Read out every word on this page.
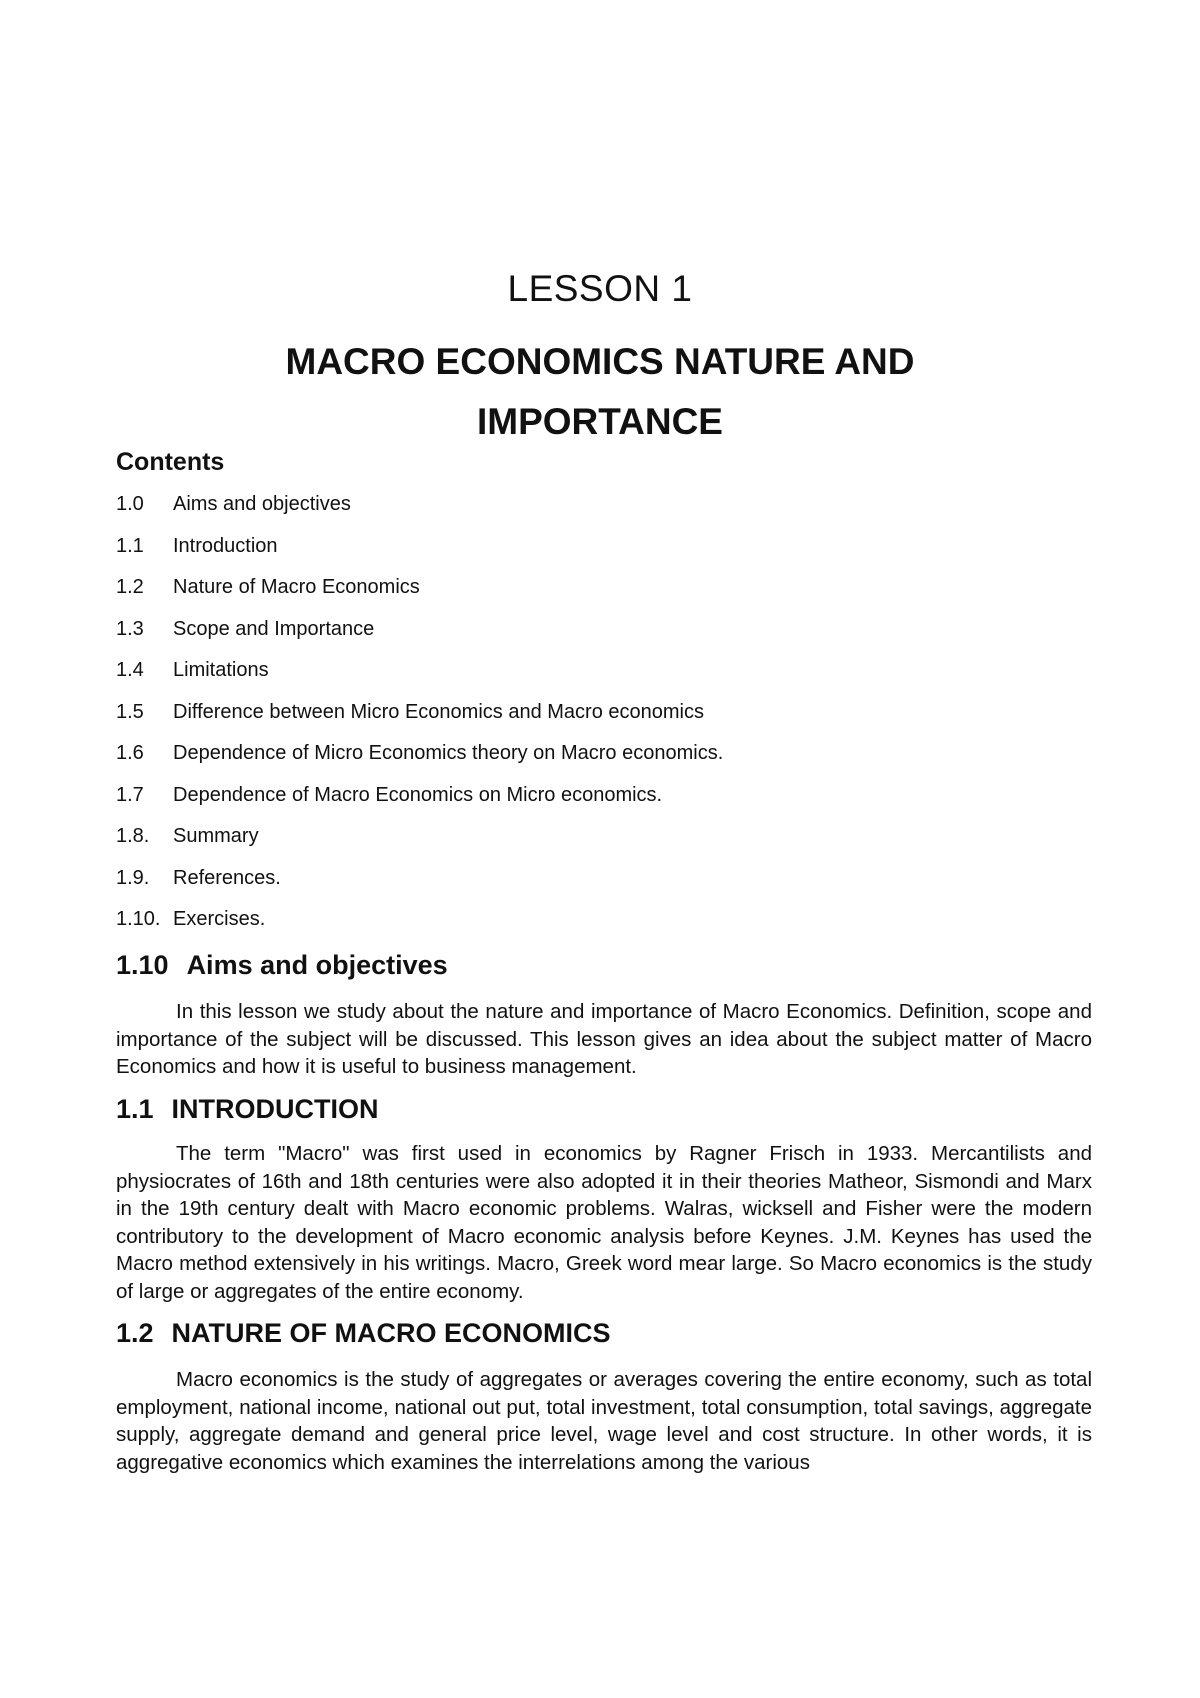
LESSON 1
MACRO ECONOMICS NATURE AND
IMPORTANCE
Contents
1.0 Aims and objectives
1.1 Introduction
1.2 Nature of Macro Economics
1.3 Scope and Importance
1.4 Limitations
1.5 Difference between Micro Economics and Macro economics
1.6 Dependence of Micro Economics theory on Macro economics.
1.7 Dependence of Macro Economics on Micro economics.
1.8. Summary
1.9. References.
1.10. Exercises.
1.10 Aims and objectives

In this lesson we study about the nature and importance of Macro Economics. Definition, scope and importance of the subject will be discussed. This lesson gives an idea about the subject matter of Macro Economics and how it is useful to business management.

1.1 INTRODUCTION

The term "Macro" was first used in economics by Ragner Frisch in 1933. Mercantilists and physiocrates of 16th and 18th centuries were also adopted it in their theories Matheor, Sismondi and Marx in the 19th century dealt with Macro economic problems. Walras, wicksell and Fisher were the modern contributory to the development of Macro economic analysis before Keynes. J.M. Keynes has used the Macro method extensively in his writings. Macro, Greek word mear large. So Macro economics is the study of large or aggregates of the entire economy.

1.2 NATURE OF MACRO ECONOMICS

Macro economics is the study of aggregates or averages covering the entire economy, such as total employment, national income, national out put, total investment, total consumption, total savings, aggregate supply, aggregate demand and general price level, wage level and cost structure. In other words, it is aggregative economics which examines the interrelations among the various
